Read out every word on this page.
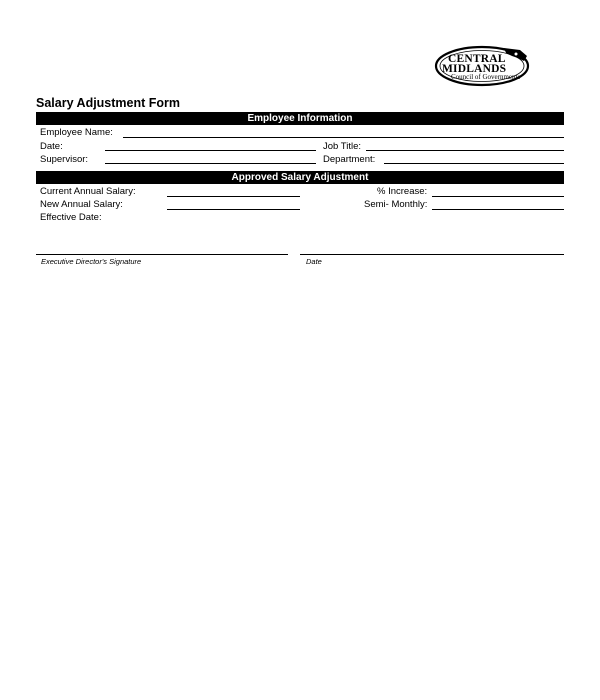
CENTRAL
MIDLANDS
Council of Governments
Salary Adjustment Form
Employee Information
Employee Name:
Date:	Job Title:
Supervisor:	Department:
Approved Salary Adjustment
Current Annual Salary:	% Increase:
New Annual Salary:	Semi- Monthly:
Effective Date:
Executive Director's Signature	Date
